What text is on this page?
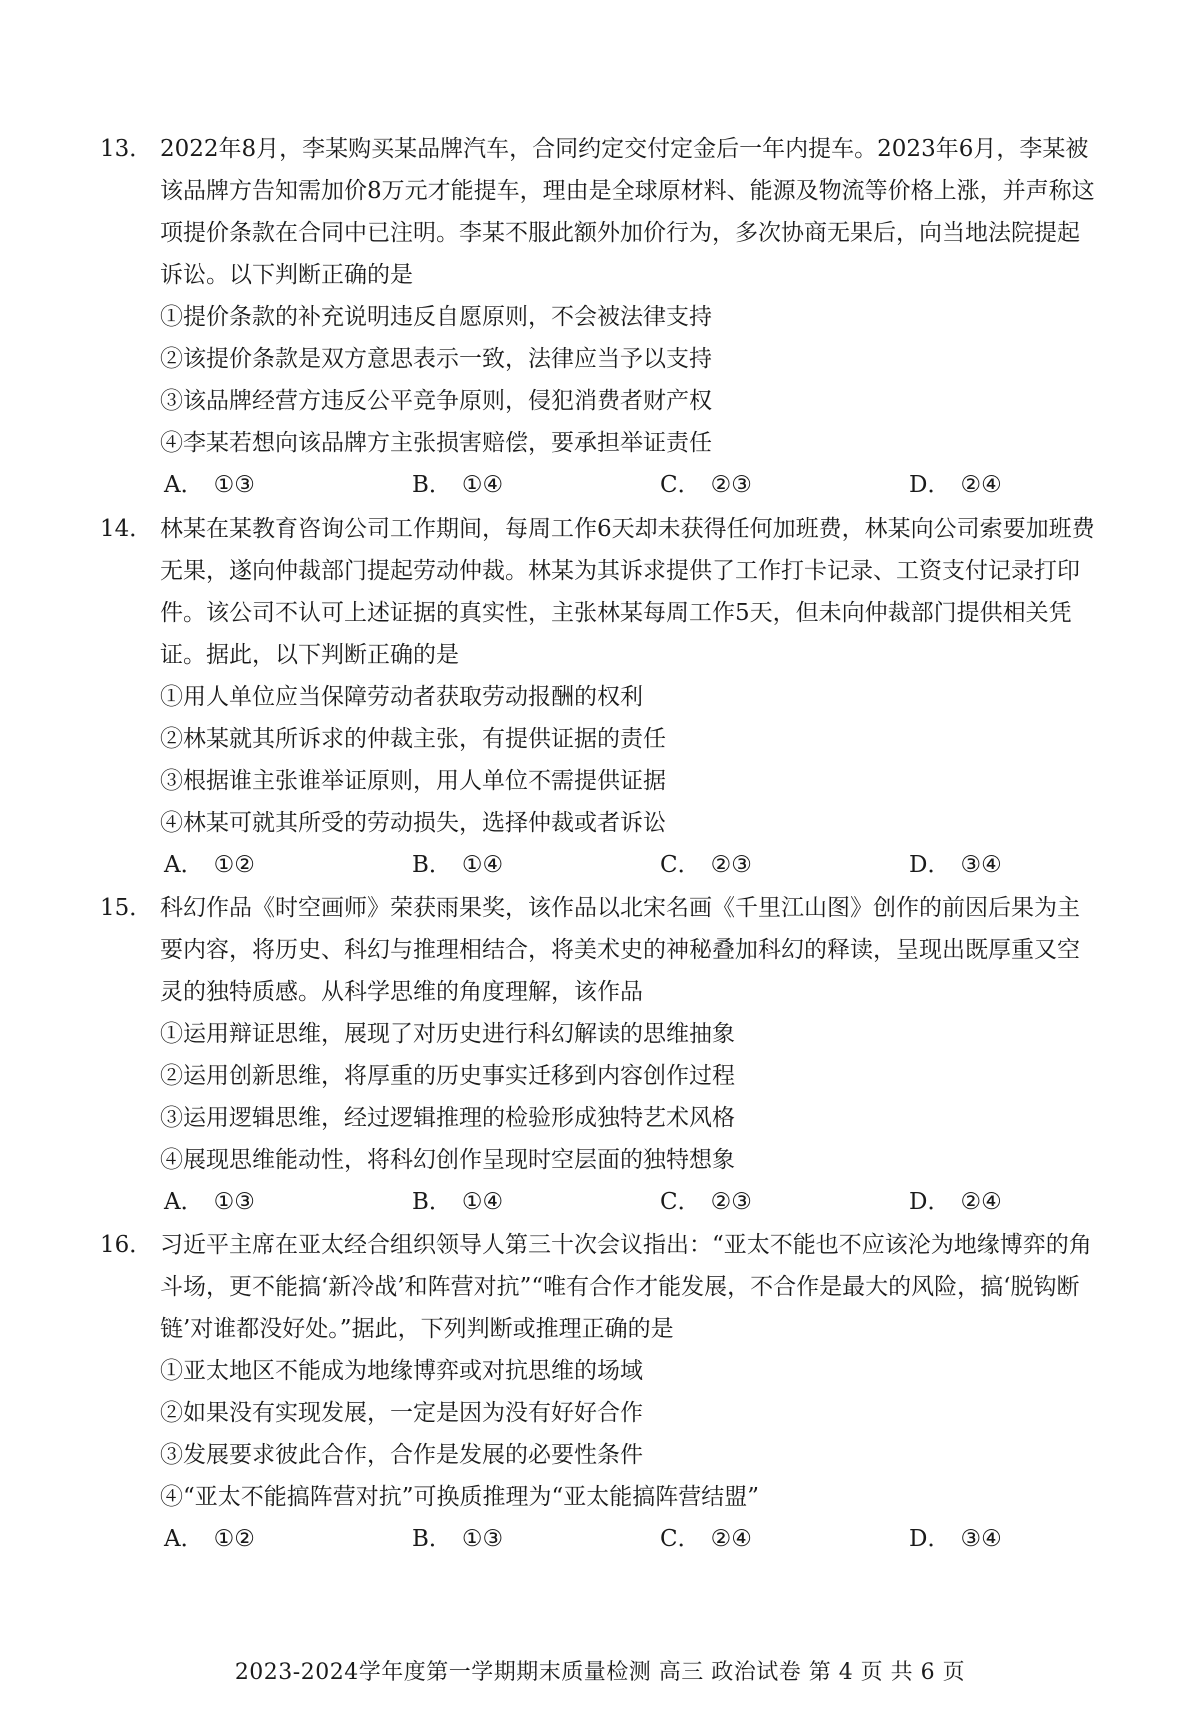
13． 2022年8月，李某购买某品牌汽车，合同约定交付定金后一年内提车。2023年6月，李某被该品牌方告知需加价8万元才能提车，理由是全球原材料、能源及物流等价格上涨，并声称这项提价条款在合同中已注明。李某不服此额外加价行为，多次协商无果后，向当地法院提起诉讼。以下判断正确的是
①提价条款的补充说明违反自愿原则，不会被法律支持
②该提价条款是双方意思表示一致，法律应当予以支持
③该品牌经营方违反公平竞争原则，侵犯消费者财产权
④李某若想向该品牌方主张损害赔偿，要承担举证责任
A． ①③	B． ①④	C． ②③	D． ②④
14． 林某在某教育咨询公司工作期间，每周工作6天却未获得任何加班费，林某向公司索要加班费无果，遂向仲裁部门提起劳动仲裁。林某为其诉求提供了工作打卡记录、工资支付记录打印件。该公司不认可上述证据的真实性，主张林某每周工作5天，但未向仲裁部门提供相关凭证。据此，以下判断正确的是
①用人单位应当保障劳动者获取劳动报酬的权利
②林某就其所诉求的仲裁主张，有提供证据的责任
③根据谁主张谁举证原则，用人单位不需提供证据
④林某可就其所受的劳动损失，选择仲裁或者诉讼
A． ①②	B． ①④	C． ②③	D． ③④
15． 科幻作品《时空画师》荣获雨果奖，该作品以北宋名画《千里江山图》创作的前因后果为主要内容，将历史、科幻与推理相结合，将美术史的神秘叠加科幻的释读，呈现出既厚重又空灵的独特质感。从科学思维的角度理解，该作品
①运用辩证思维，展现了对历史进行科幻解读的思维抽象
②运用创新思维，将厚重的历史事实迁移到内容创作过程
③运用逻辑思维，经过逻辑推理的检验形成独特艺术风格
④展现思维能动性，将科幻创作呈现时空层面的独特想象
A． ①③	B． ①④	C． ②③	D． ②④
16． 习近平主席在亚太经合组织领导人第三十次会议指出：“亚太不能也不应该沦为地缘博弈的角斗场，更不能搞‘新冷战’和阵营对抗”“唯有合作才能发展，不合作是最大的风险，搞‘脱钩断链’对谁都没好处。”据此，下列判断或推理正确的是
①亚太地区不能成为地缘博弈或对抗思维的场域
②如果没有实现发展，一定是因为没有好好合作
③发展要求彼此合作，合作是发展的必要性条件
④“亚太不能搞阵营对抗”可换质推理为“亚太能搞阵营结盟”
A． ①②	B． ①③	C． ②④	D． ③④
2023-2024学年度第一学期期末质量检测 高三 政治试卷 第 4 页 共 6 页
